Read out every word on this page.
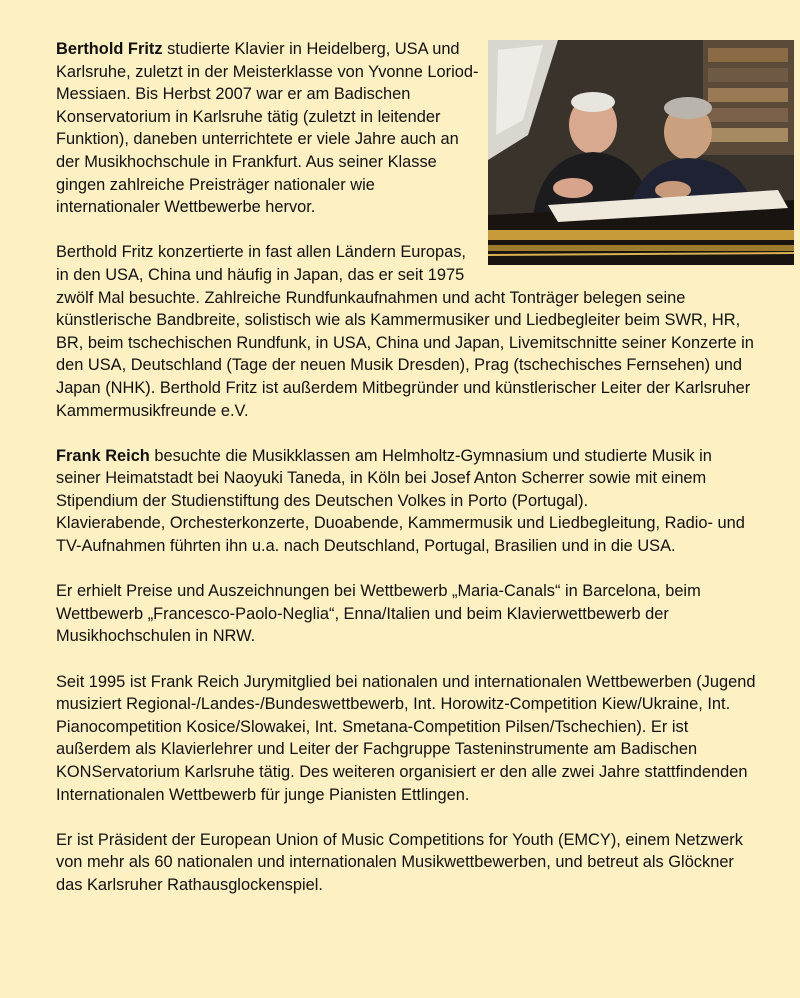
Berthold Fritz studierte Klavier in Heidelberg, USA und Karlsruhe, zuletzt in der Meisterklasse von Yvonne Loriod-Messiaen. Bis Herbst 2007 war er am Badischen Konservatorium in Karlsruhe tätig (zuletzt in leitender Funktion), daneben unterrichtete er viele Jahre auch an der Musikhochschule in Frankfurt. Aus seiner Klasse gingen zahlreiche Preisträger nationaler wie internationaler Wettbewerbe hervor.

Berthold Fritz konzertierte in fast allen Ländern Europas, in den USA, China und häufig in Japan, das er seit 1975 zwölf Mal besuchte. Zahlreiche Rundfunkaufnahmen und acht Tonträger belegen seine künstlerische Bandbreite, solistisch wie als Kammermusiker und Liedbegleiter beim SWR, HR, BR, beim tschechischen Rundfunk, in USA, China und Japan, Livemitschnitte seiner Konzerte in den USA, Deutschland (Tage der neuen Musik Dresden), Prag (tschechisches Fernsehen) und Japan (NHK). Berthold Fritz ist außerdem Mitbegründer und künstlerischer Leiter der Karlsruher Kammermusikfreunde e.V.

Frank Reich besuchte die Musikklassen am Helmholtz-Gymnasium und studierte Musik in seiner Heimatstadt bei Naoyuki Taneda, in Köln bei Josef Anton Scherrer sowie mit einem Stipendium der Studienstiftung des Deutschen Volkes in Porto (Portugal).
Klavierabende, Orchesterkonzerte, Duoabende, Kammermusik und Liedbegleitung, Radio- und TV-Aufnahmen führten ihn u.a. nach Deutschland, Portugal, Brasilien und in die USA.

Er erhielt Preise und Auszeichnungen bei Wettbewerb „Maria-Canals“ in Barcelona, beim Wettbewerb „Francesco-Paolo-Neglia“, Enna/Italien und beim Klavierwettbewerb der Musikhochschulen in NRW.

Seit 1995 ist Frank Reich Jurymitglied bei nationalen und internationalen Wettbewerben (Jugend musiziert Regional-/Landes-/Bundeswettbewerb, Int. Horowitz-Competition Kiew/Ukraine, Int. Pianocompetition Kosice/Slowakei, Int. Smetana-Competition Pilsen/Tschechien). Er ist außerdem als Klavierlehrer und Leiter der Fachgruppe Tasteninstrumente am Badischen KONServatorium Karlsruhe tätig. Des weiteren organisiert er den alle zwei Jahre stattfindenden Internationalen Wettbewerb für junge Pianisten Ettlingen.

Er ist Präsident der European Union of Music Competitions for Youth (EMCY), einem Netzwerk von mehr als 60 nationalen und internationalen Musikwettbewerben, und betreut als Glöckner das Karlsruher Rathausglockenspiel.
